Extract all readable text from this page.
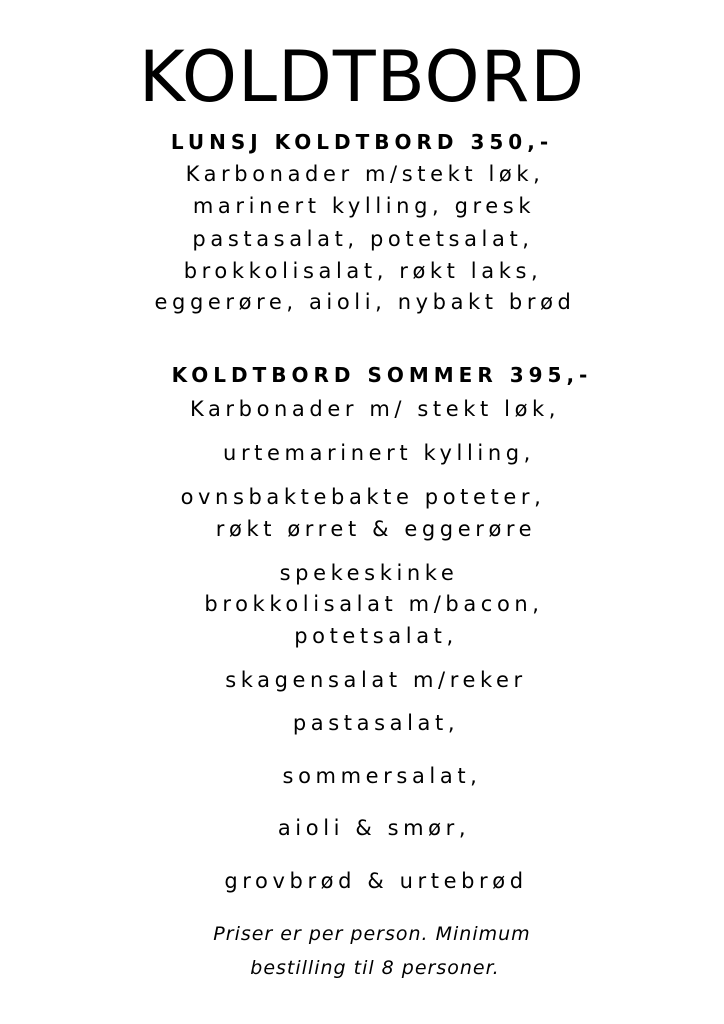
KOLDTBORD
LUNSJ KOLDTBORD 350,-
Karbonader m/stekt løk,
marinert kylling, gresk
pastasalat, potetsalat,
brokkolisalat, røkt laks,
eggerøre, aioli, nybakt brød
KOLDTBORD SOMMER 395,-
Karbonader m/ stekt løk,
urtemarinert kylling,
ovnsbaktebakte poteter,
røkt ørret & eggerøre
spekeskinke
brokkolisalat m/bacon,
potetsalat,
skagensalat m/reker
pastasalat,
sommersalat,
aioli & smør,
grovbrød & urtebrød
Priser er per person. Minimum
bestilling til 8 personer.
